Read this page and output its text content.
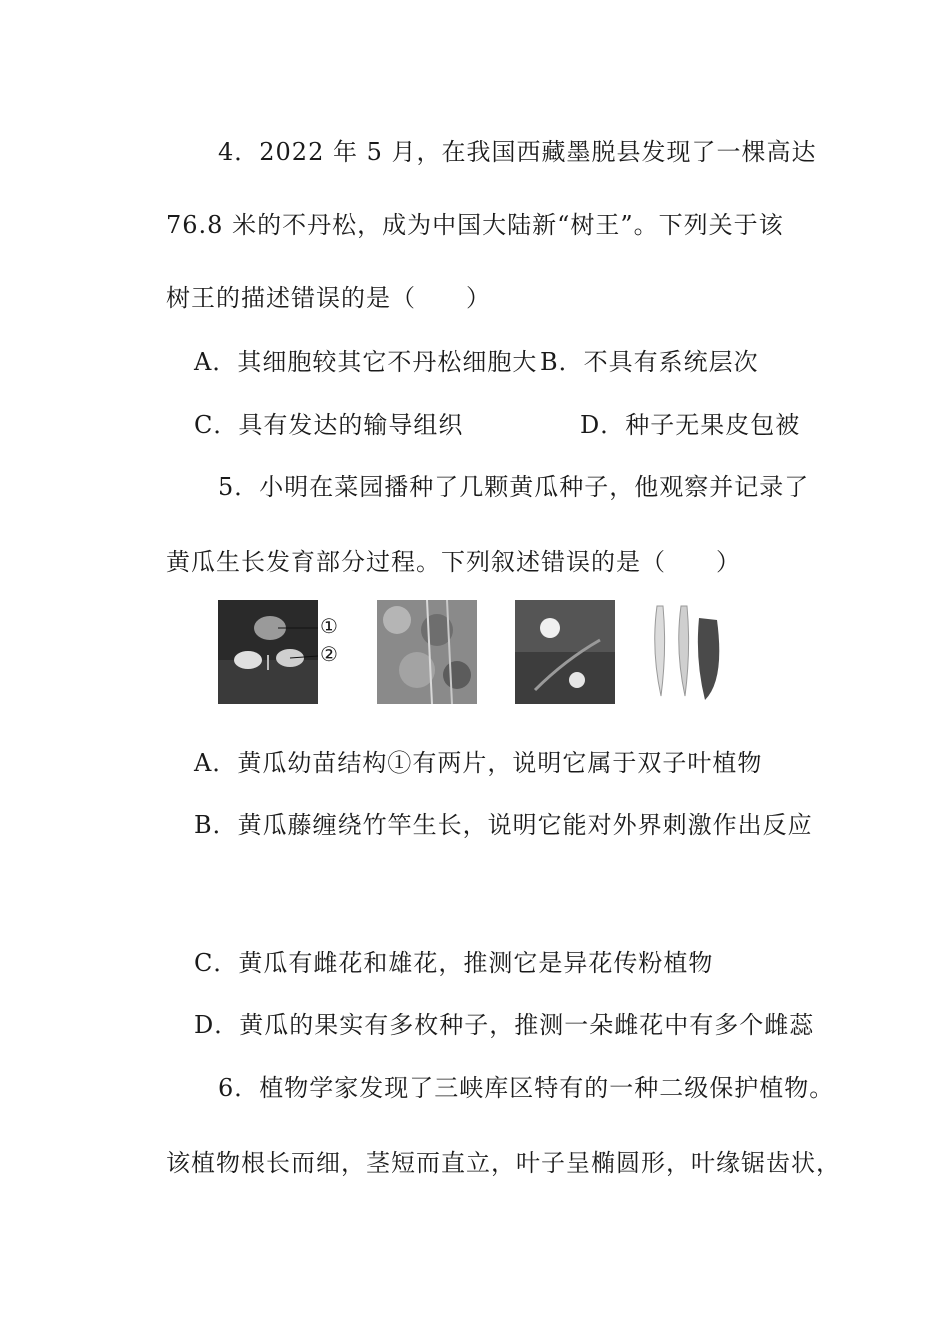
4．2022 年 5 月，在我国西藏墨脱县发现了一棵高达
76.8 米的不丹松，成为中国大陆新“树王”。下列关于该
树王的描述错误的是（　　）
A．其细胞较其它不丹松细胞大 B．不具有系统层次
C．具有发达的输导组织	D．种子无果皮包被
5．小明在菜园播种了几颗黄瓜种子，他观察并记录了
黄瓜生长发育部分过程。下列叙述错误的是（　　）
①
②
A．黄瓜幼苗结构①有两片，说明它属于双子叶植物
B．黄瓜藤缠绕竹竿生长，说明它能对外界刺激作出反应
C．黄瓜有雌花和雄花，推测它是异花传粉植物
D．黄瓜的果实有多枚种子，推测一朵雌花中有多个雌蕊
6．植物学家发现了三峡库区特有的一种二级保护植物。
该植物根长而细，茎短而直立，叶子呈椭圆形，叶缘锯齿状，
